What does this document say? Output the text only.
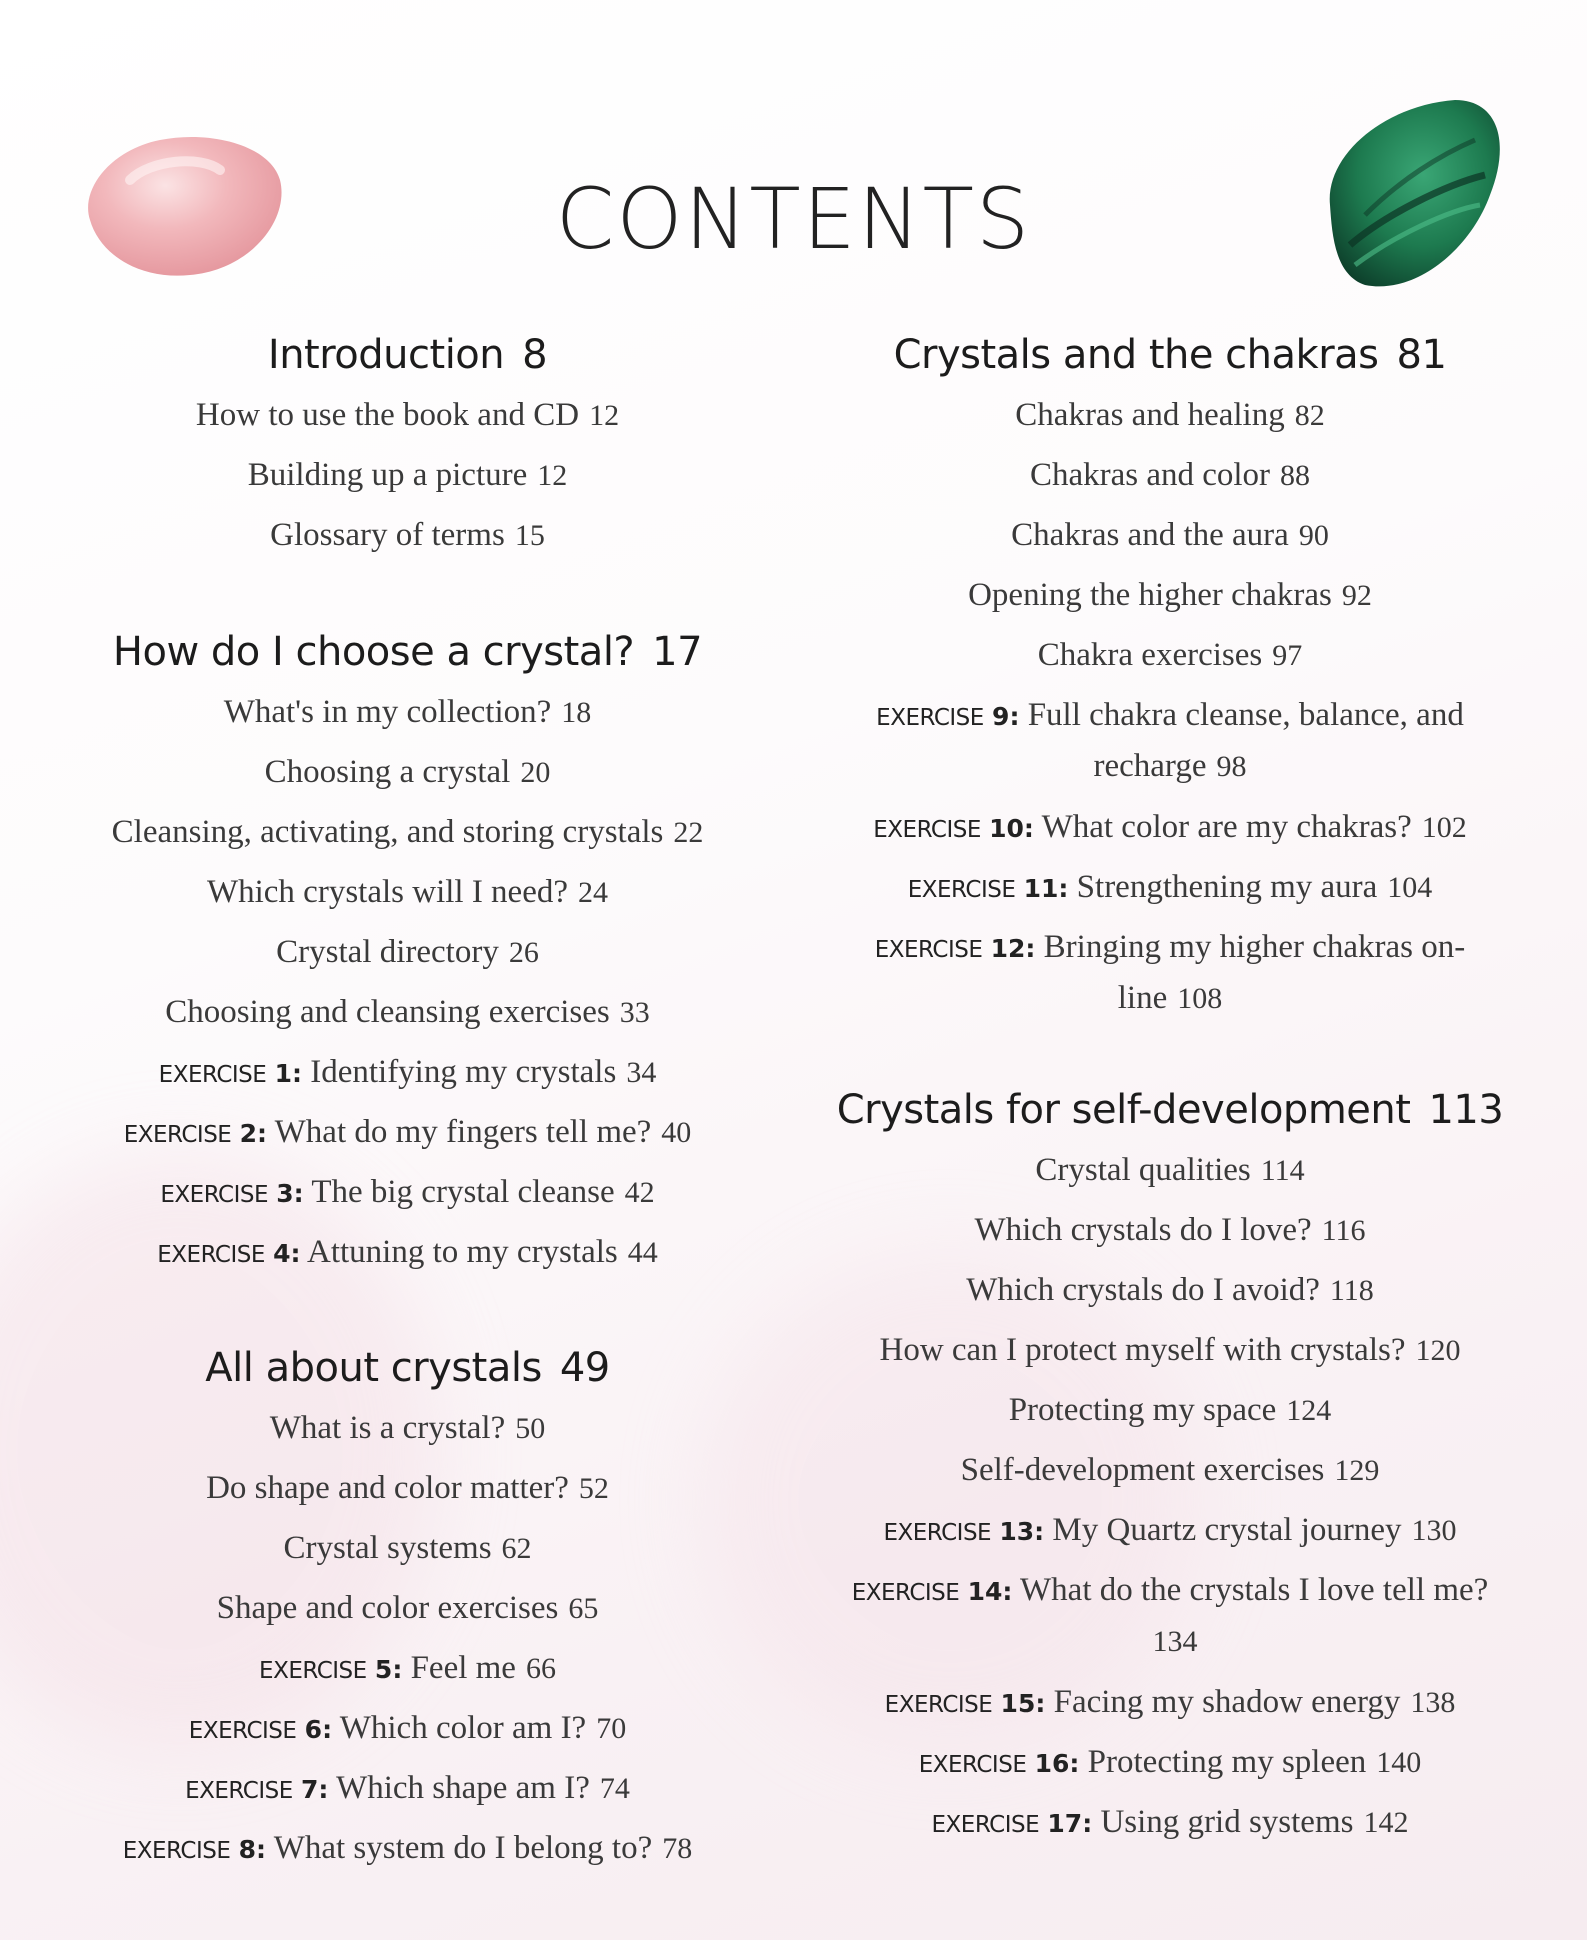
CONTENTS
Introduction 8
How to use the book and CD 12
Building up a picture 12
Glossary of terms 15
How do I choose a crystal? 17
What's in my collection? 18
Choosing a crystal 20
Cleansing, activating, and storing crystals 22
Which crystals will I need? 24
Crystal directory 26
Choosing and cleansing exercises 33
EXERCISE 1: Identifying my crystals 34
EXERCISE 2: What do my fingers tell me? 40
EXERCISE 3: The big crystal cleanse 42
EXERCISE 4: Attuning to my crystals 44
All about crystals 49
What is a crystal? 50
Do shape and color matter? 52
Crystal systems 62
Shape and color exercises 65
EXERCISE 5: Feel me 66
EXERCISE 6: Which color am I? 70
EXERCISE 7: Which shape am I? 74
EXERCISE 8: What system do I belong to? 78
Crystals and the chakras 81
Chakras and healing 82
Chakras and color 88
Chakras and the aura 90
Opening the higher chakras 92
Chakra exercises 97
EXERCISE 9: Full chakra cleanse, balance, and recharge 98
EXERCISE 10: What color are my chakras? 102
EXERCISE 11: Strengthening my aura 104
EXERCISE 12: Bringing my higher chakras on-line 108
Crystals for self-development 113
Crystal qualities 114
Which crystals do I love? 116
Which crystals do I avoid? 118
How can I protect myself with crystals? 120
Protecting my space 124
Self-development exercises 129
EXERCISE 13: My Quartz crystal journey 130
EXERCISE 14: What do the crystals I love tell me?134
EXERCISE 15: Facing my shadow energy 138
EXERCISE 16: Protecting my spleen 140
EXERCISE 17: Using grid systems 142
